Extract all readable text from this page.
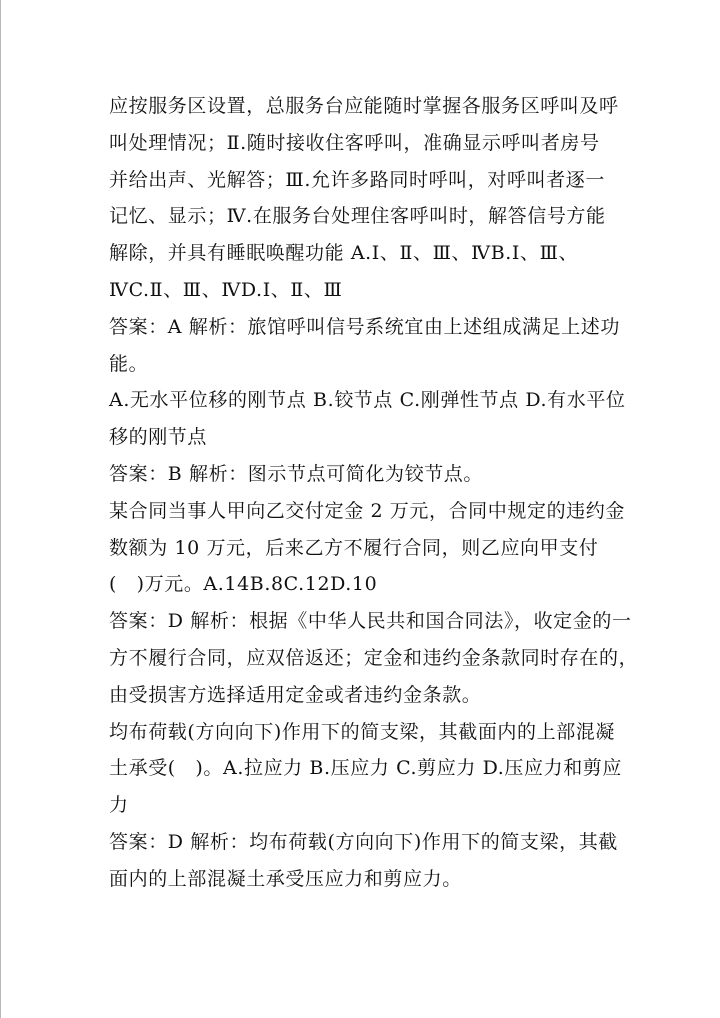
应按服务区设置，总服务台应能随时掌握各服务区呼叫及呼
叫处理情况；Ⅱ.随时接收住客呼叫，准确显示呼叫者房号
并给出声、光解答；Ⅲ.允许多路同时呼叫，对呼叫者逐一
记忆、显示；Ⅳ.在服务台处理住客呼叫时，解答信号方能
解除，并具有睡眠唤醒功能 A.Ⅰ、Ⅱ、Ⅲ、ⅣB.Ⅰ、Ⅲ、
ⅣC.Ⅱ、Ⅲ、ⅣD.Ⅰ、Ⅱ、Ⅲ
答案：A 解析：旅馆呼叫信号系统宜由上述组成满足上述功
能。
A.无水平位移的刚节点 B.铰节点 C.刚弹性节点 D.有水平位
移的刚节点
答案：B 解析：图示节点可简化为铰节点。
某合同当事人甲向乙交付定金 2 万元，合同中规定的违约金
数额为 10 万元，后来乙方不履行合同，则乙应向甲支付
(　)万元。A.14B.8C.12D.10
答案：D 解析：根据《中华人民共和国合同法》，收定金的一
方不履行合同，应双倍返还；定金和违约金条款同时存在的，
由受损害方选择适用定金或者违约金条款。
均布荷载(方向向下)作用下的简支梁，其截面内的上部混凝
土承受(　)。A.拉应力 B.压应力 C.剪应力 D.压应力和剪应
力
答案：D 解析：均布荷载(方向向下)作用下的简支梁，其截
面内的上部混凝土承受压应力和剪应力。
